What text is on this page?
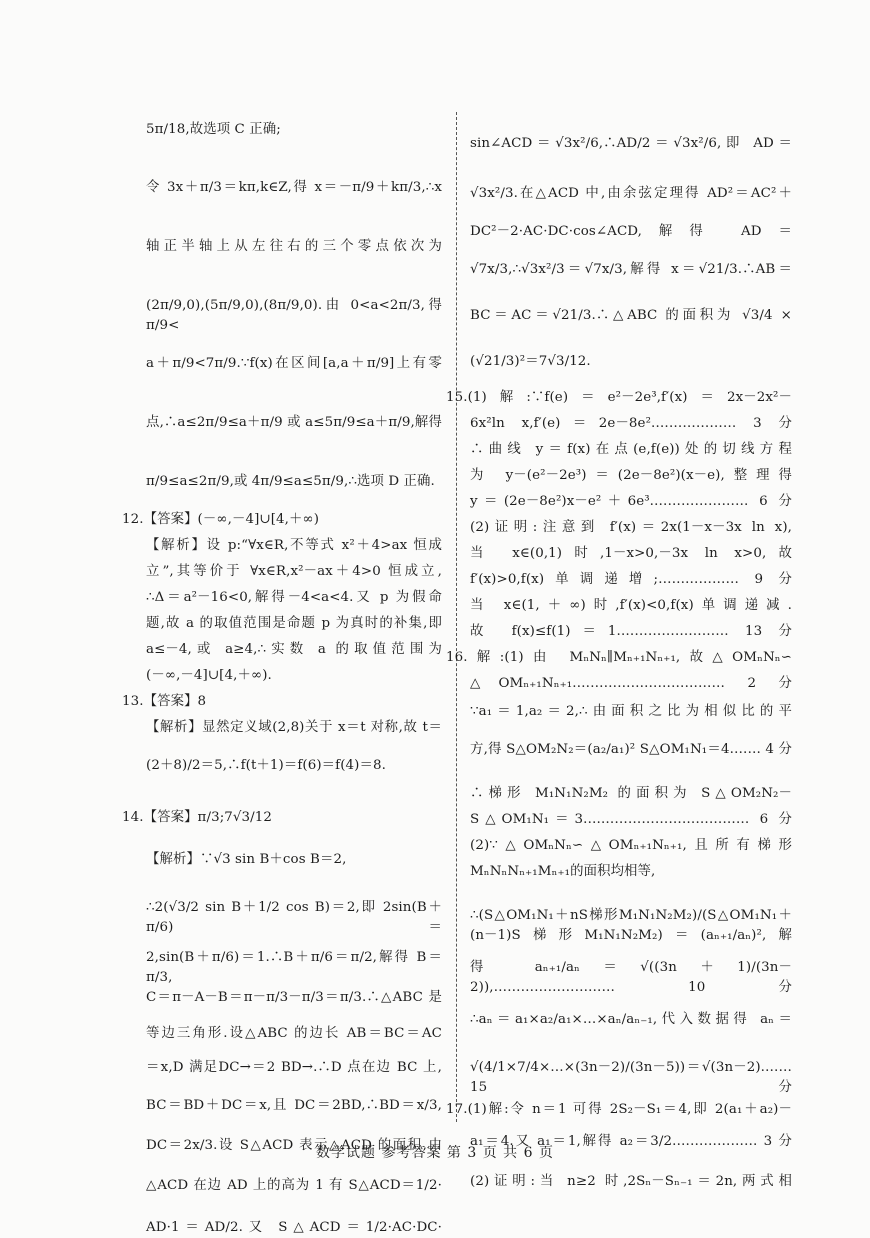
5π/18,故选项 C 正确;
令 3x＋π/3＝kπ,k∈Z,得 x＝－π/9＋kπ/3,∴x
轴正半轴上从左往右的三个零点依次为
(2π/9,0),(5π/9,0),(8π/9,0).由 0<a<2π/3,得 π/9<
a＋π/9<7π/9.∵f(x)在区间[a,a＋π/9]上有零
点,∴a≤2π/9≤a＋π/9 或 a≤5π/9≤a＋π/9,解得
π/9≤a≤2π/9,或 4π/9≤a≤5π/9,∴选项 D 正确.
12.【答案】(－∞,－4]∪[4,＋∞)
【解析】设 p:“∀x∈R,不等式 x²＋4>ax 恒成
立”,其等价于 ∀x∈R,x²－ax＋4>0 恒成立,
∴Δ＝a²－16<0,解得－4<a<4.又 p 为假命
题,故 a 的取值范围是命题 p 为真时的补集,即
a≤－4,或 a≥4,∴实数 a 的取值范围为
(－∞,－4]∪[4,＋∞).
13.【答案】8
【解析】显然定义域(2,8)关于 x＝t 对称,故 t＝
(2＋8)/2＝5,∴f(t＋1)＝f(6)＝f(4)＝8.
14.【答案】π/3;7√3/12
【解析】∵√3 sin B＋cos B＝2,
∴2(√3/2 sin B＋1/2 cos B)＝2,即 2sin(B＋π/6)＝
2,sin(B＋π/6)＝1.∴B＋π/6＝π/2,解得 B＝π/3,
C＝π－A－B＝π－π/3－π/3＝π/3.∴△ABC 是
等边三角形.设△ABC 的边长 AB＝BC＝AC
＝x,D 满足DC→＝2 BD→.∴D 点在边 BC 上,
BC＝BD＋DC＝x,且 DC＝2BD,∴BD＝x/3,
DC＝2x/3.设 S△ACD 表示△ACD 的面积,由
△ACD 在边 AD 上的高为 1 有 S△ACD＝1/2·
AD·1＝AD/2.又 S△ACD＝1/2·AC·DC·
sin∠ACD＝√3x²/6,∴AD/2＝√3x²/6,即 AD＝
√3x²/3.在△ACD 中,由余弦定理得 AD²＝AC²＋
DC²－2·AC·DC·cos∠ACD,解得 AD＝
√7x/3,∴√3x²/3＝√7x/3,解得 x＝√21/3.∴AB＝
BC＝AC＝√21/3.∴△ABC 的面积为 √3/4 ×
(√21/3)²＝7√3/12.
15.(1)解:∵f(e)＝e²－2e³,f′(x)＝2x－2x²－
6x²ln x,f′(e)＝2e－8e².……………… 3 分
∴曲线 y＝f(x)在点(e,f(e))处的切线方程
为 y－(e²－2e³)＝(2e－8e²)(x－e),整理得
y＝(2e－8e²)x－e²＋6e³.………………… 6 分
(2)证明:注意到 f′(x)＝2x(1－x－3x ln x),
当 x∈(0,1)时,1－x>0,－3x ln x>0,故
f′(x)>0,f(x)单调递增;……………… 9 分
当 x∈(1,＋∞)时,f′(x)<0,f(x)单调递减.
故 f(x)≤f(1)＝1.…………………… 13 分
16.解:(1)由 MₙNₙ∥Mₙ₊₁Nₙ₊₁,故△OMₙNₙ∽
△OMₙ₊₁Nₙ₊₁.…………………………… 2 分
∵a₁＝1,a₂＝2,∴由面积之比为相似比的平
方,得 S△OM₂N₂＝(a₂/a₁)² S△OM₁N₁＝4.…… 4 分
∴梯形 M₁N₁N₂M₂ 的面积为 S△OM₂N₂－
S△OM₁N₁＝3.……………………………… 6 分
(2)∵△OMₙNₙ∽△OMₙ₊₁Nₙ₊₁,且所有梯形
MₙNₙNₙ₊₁Mₙ₊₁的面积均相等,
∴(S△OM₁N₁＋nS梯形M₁N₁N₂M₂)/(S△OM₁N₁＋(n－1)S梯形M₁N₁N₂M₂)＝(aₙ₊₁/aₙ)²,解
得 aₙ₊₁/aₙ＝√((3n＋1)/(3n－2)),……………………… 10 分
∴aₙ＝a₁×a₂/a₁×…×aₙ/aₙ₋₁,代入数据得 aₙ＝
√(4/1×7/4×…×(3n－2)/(3n－5))＝√(3n－2).…… 15 分
17.(1)解:令 n＝1 可得 2S₂－S₁＝4,即 2(a₁＋a₂)－
a₁＝4.又 a₁＝1,解得 a₂＝3/2.……………… 3 分
(2)证明:当 n≥2 时,2Sₙ－Sₙ₋₁＝2n,两式相
数学试题 参考答案 第 3 页 共 6 页
